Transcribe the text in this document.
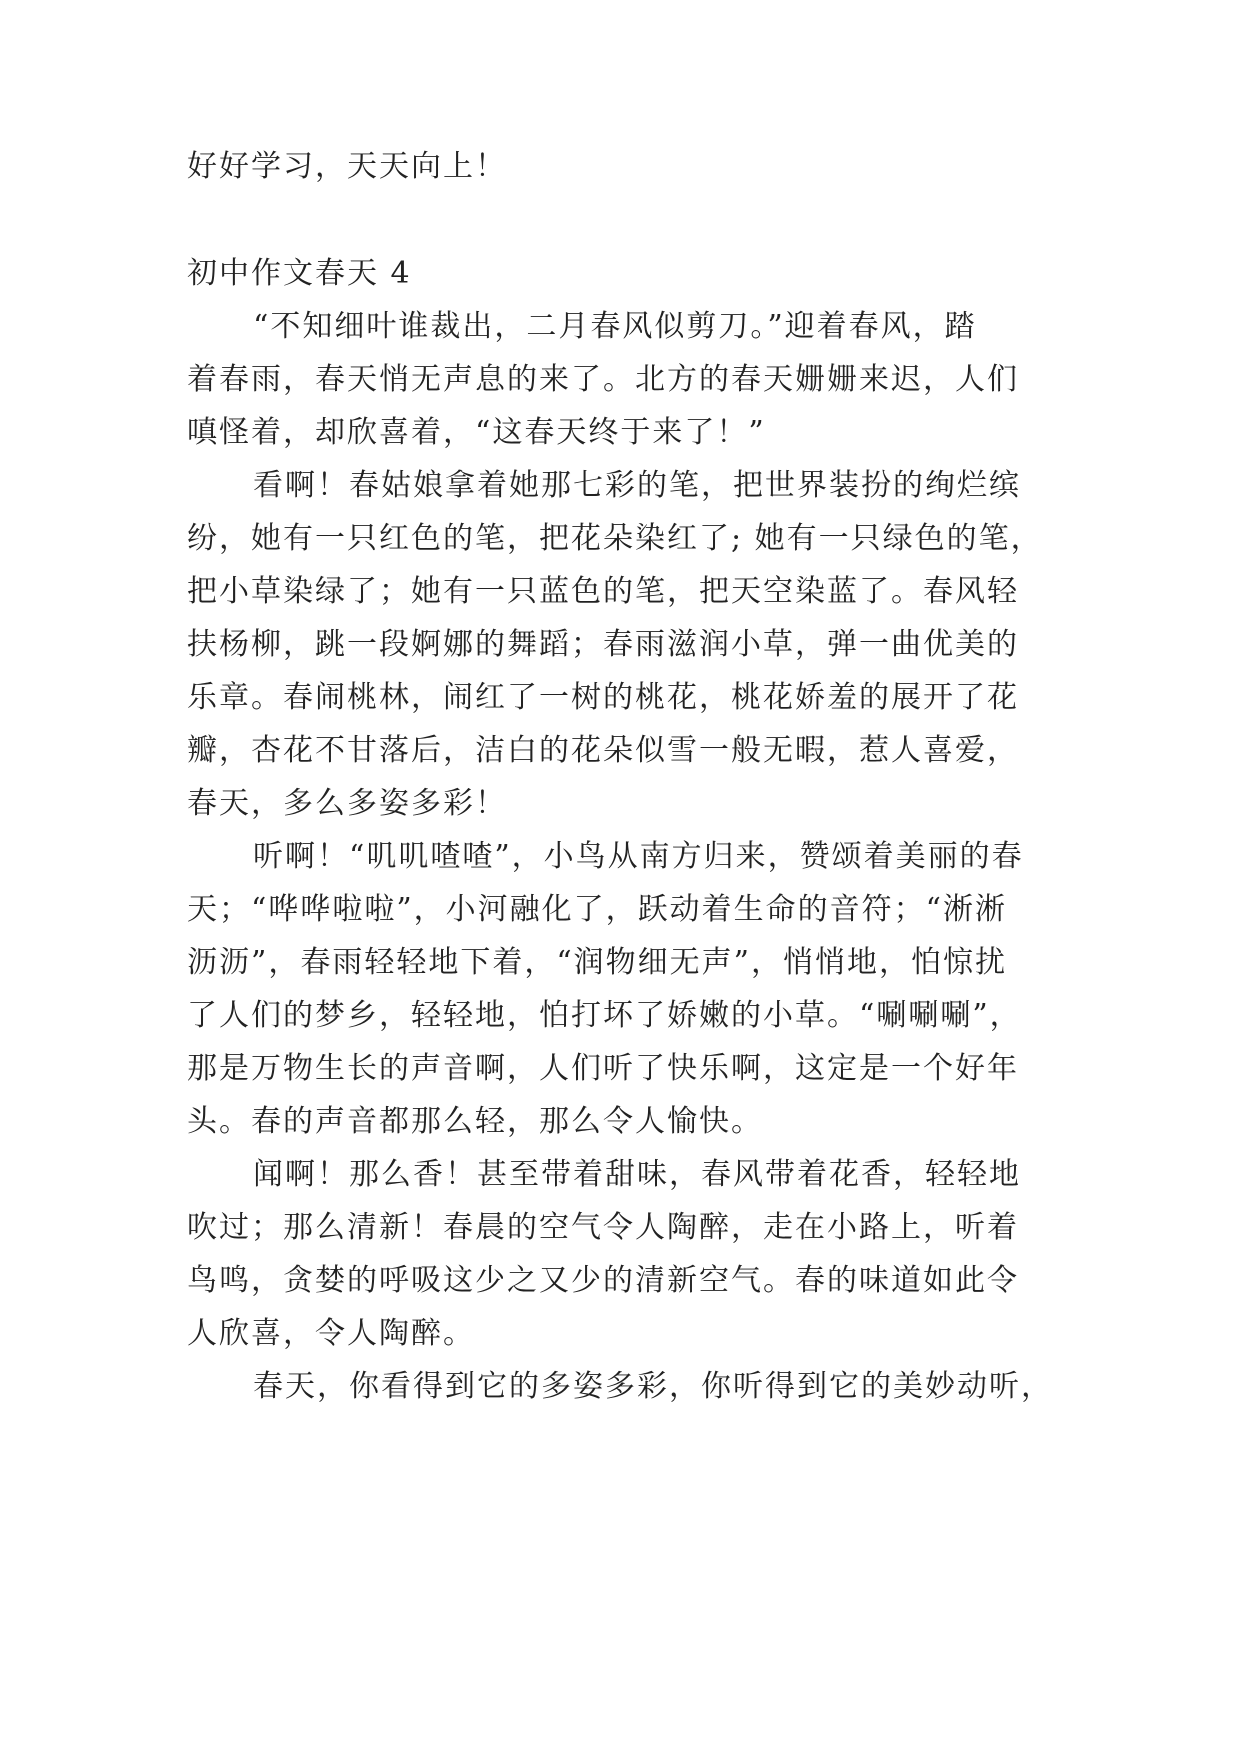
好好学习，天天向上！
初中作文春天 4
“不知细叶谁裁出，二月春风似剪刀。”迎着春风，踏
着春雨，春天悄无声息的来了。北方的春天姗姗来迟，人们
嗔怪着，却欣喜着，“这春天终于来了！”
看啊！春姑娘拿着她那七彩的笔，把世界装扮的绚烂缤
纷，她有一只红色的笔，把花朵染红了; 她有一只绿色的笔，
把小草染绿了；她有一只蓝色的笔，把天空染蓝了。春风轻
扶杨柳，跳一段婀娜的舞蹈；春雨滋润小草，弹一曲优美的
乐章。春闹桃林，闹红了一树的桃花，桃花娇羞的展开了花
瓣，杏花不甘落后，洁白的花朵似雪一般无暇，惹人喜爱，
春天，多么多姿多彩！
听啊！“叽叽喳喳”，小鸟从南方归来，赞颂着美丽的春
天；“哗哗啦啦”，小河融化了，跃动着生命的音符；“淅淅
沥沥”，春雨轻轻地下着，“润物细无声”，悄悄地，怕惊扰
了人们的梦乡，轻轻地，怕打坏了娇嫩的小草。“唰唰唰”，
那是万物生长的声音啊，人们听了快乐啊，这定是一个好年
头。春的声音都那么轻，那么令人愉快。
闻啊！那么香！甚至带着甜味，春风带着花香，轻轻地
吹过；那么清新！春晨的空气令人陶醉，走在小路上，听着
鸟鸣，贪婪的呼吸这少之又少的清新空气。春的味道如此令
人欣喜，令人陶醉。
春天，你看得到它的多姿多彩，你听得到它的美妙动听，
